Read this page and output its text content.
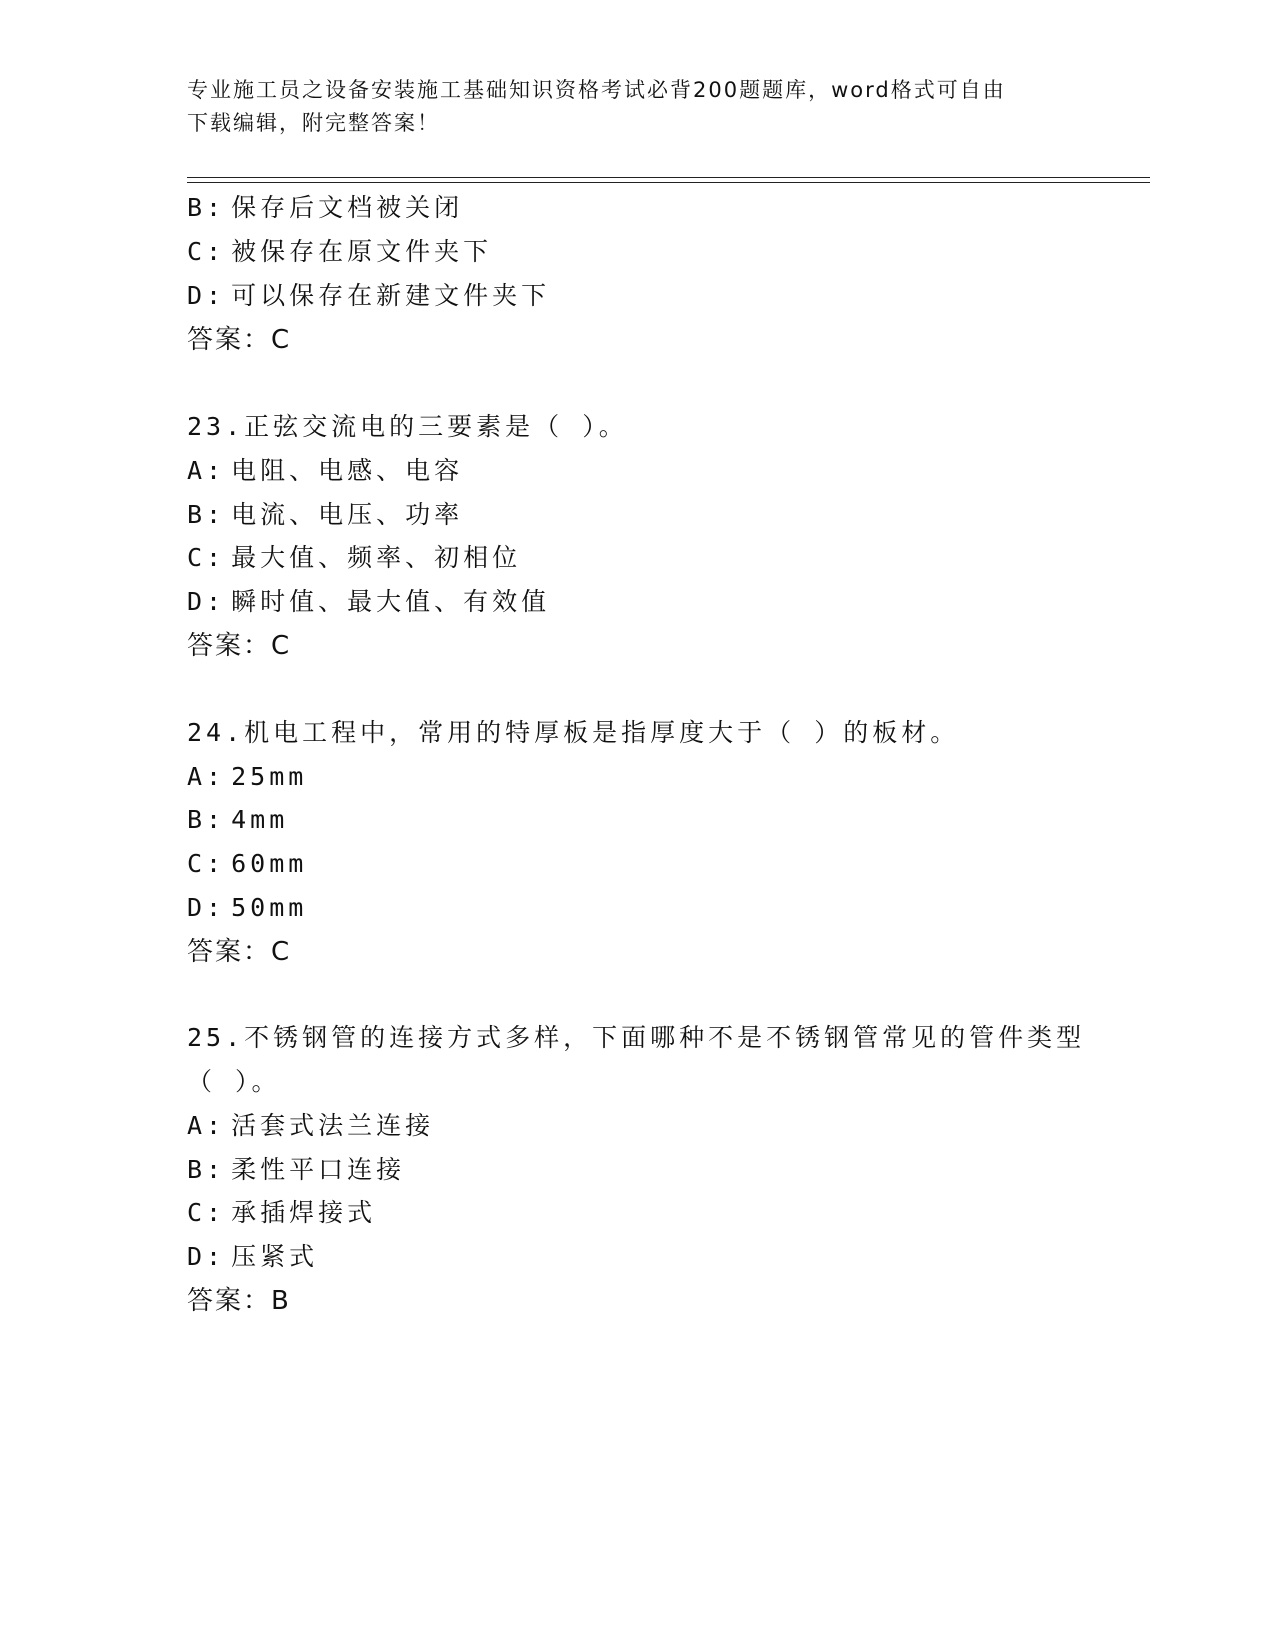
专业施工员之设备安装施工基础知识资格考试必背200题题库，word格式可自由
下载编辑，附完整答案！
B: 保存后文档被关闭
C: 被保存在原文件夹下
D: 可以保存在新建文件夹下
答案：C
23.正弦交流电的三要素是（ ）。
A: 电阻、电感、电容
B: 电流、电压、功率
C: 最大值、频率、初相位
D: 瞬时值、最大值、有效值
答案：C
24.机电工程中，常用的特厚板是指厚度大于（ ）的板材。
A: 25mm
B: 4mm
C: 60mm
D: 50mm
答案：C
25.不锈钢管的连接方式多样，下面哪种不是不锈钢管常见的管件类型
（ ）。
A: 活套式法兰连接
B: 柔性平口连接
C: 承插焊接式
D: 压紧式
答案：B
